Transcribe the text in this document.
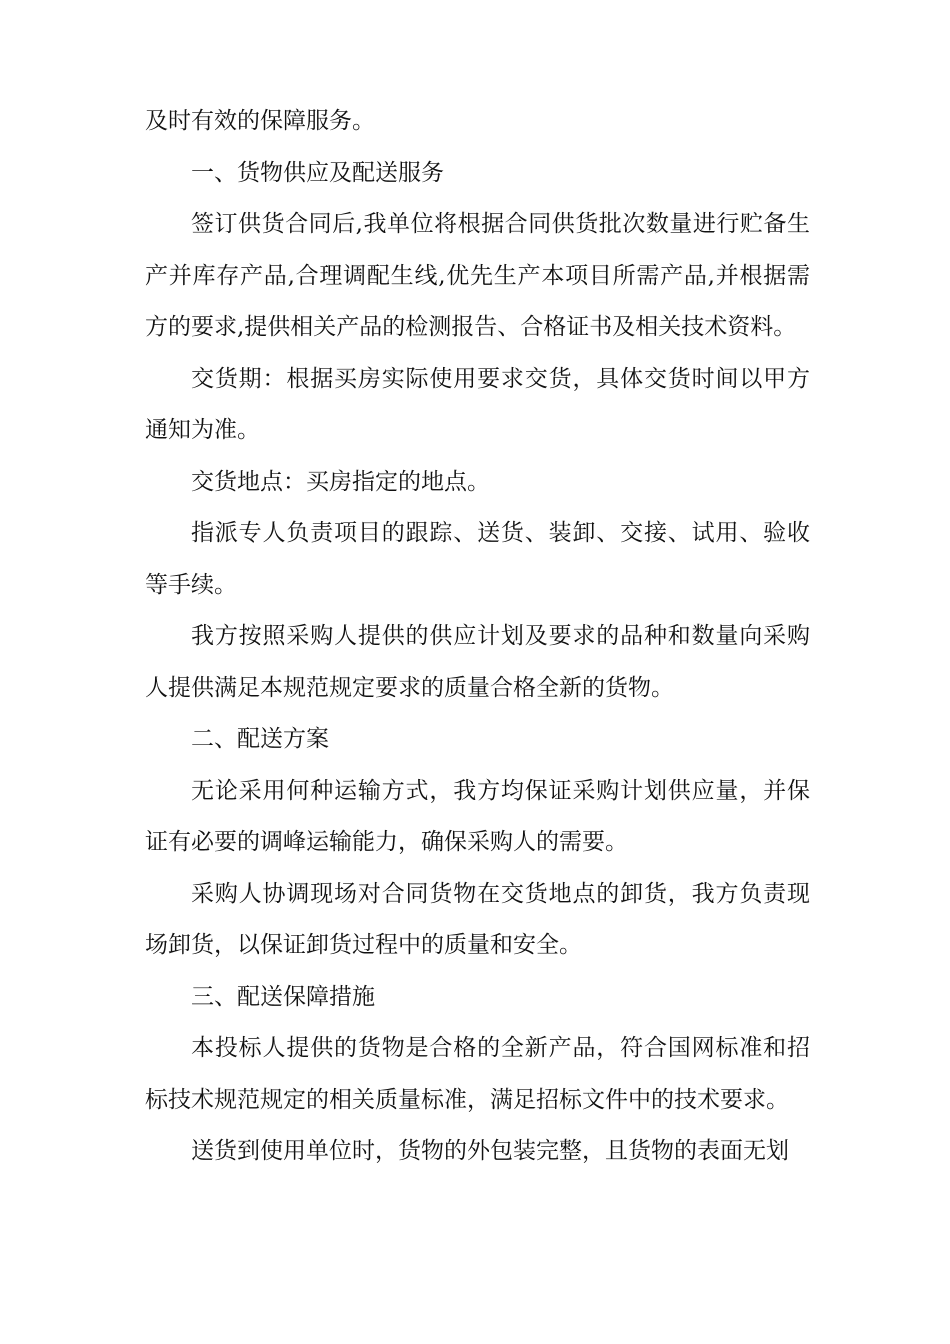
及时有效的保障服务。

一、货物供应及配送服务

签订供货合同后,我单位将根据合同供货批次数量进行贮备生产并库存产品,合理调配生线,优先生产本项目所需产品,并根据需方的要求,提供相关产品的检测报告、合格证书及相关技术资料。

交货期：根据买房实际使用要求交货，具体交货时间以甲方通知为准。

交货地点：买房指定的地点。

指派专人负责项目的跟踪、送货、装卸、交接、试用、验收等手续。

我方按照采购人提供的供应计划及要求的品种和数量向采购人提供满足本规范规定要求的质量合格全新的货物。

二、配送方案

无论采用何种运输方式，我方均保证采购计划供应量，并保证有必要的调峰运输能力，确保采购人的需要。

采购人协调现场对合同货物在交货地点的卸货，我方负责现场卸货，以保证卸货过程中的质量和安全。

三、配送保障措施

本投标人提供的货物是合格的全新产品，符合国网标准和招标技术规范规定的相关质量标准，满足招标文件中的技术要求。

送货到使用单位时，货物的外包装完整，且货物的表面无划
